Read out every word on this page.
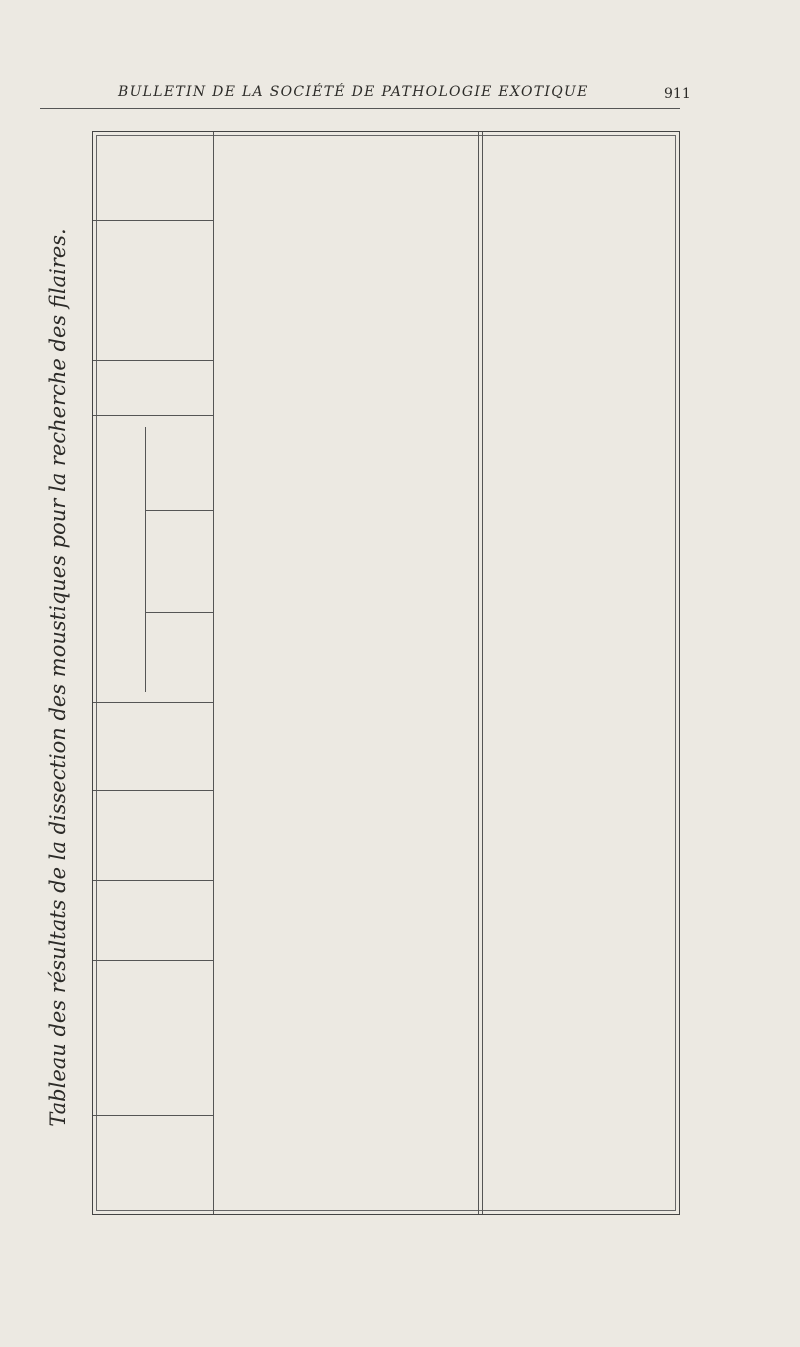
BULLETIN DE LA SOCIÉTÉ DE PATHOLOGIE EXOTIQUE	911
Tableau des résultats de la dissection des moustiques pour la recherche des filaires.
